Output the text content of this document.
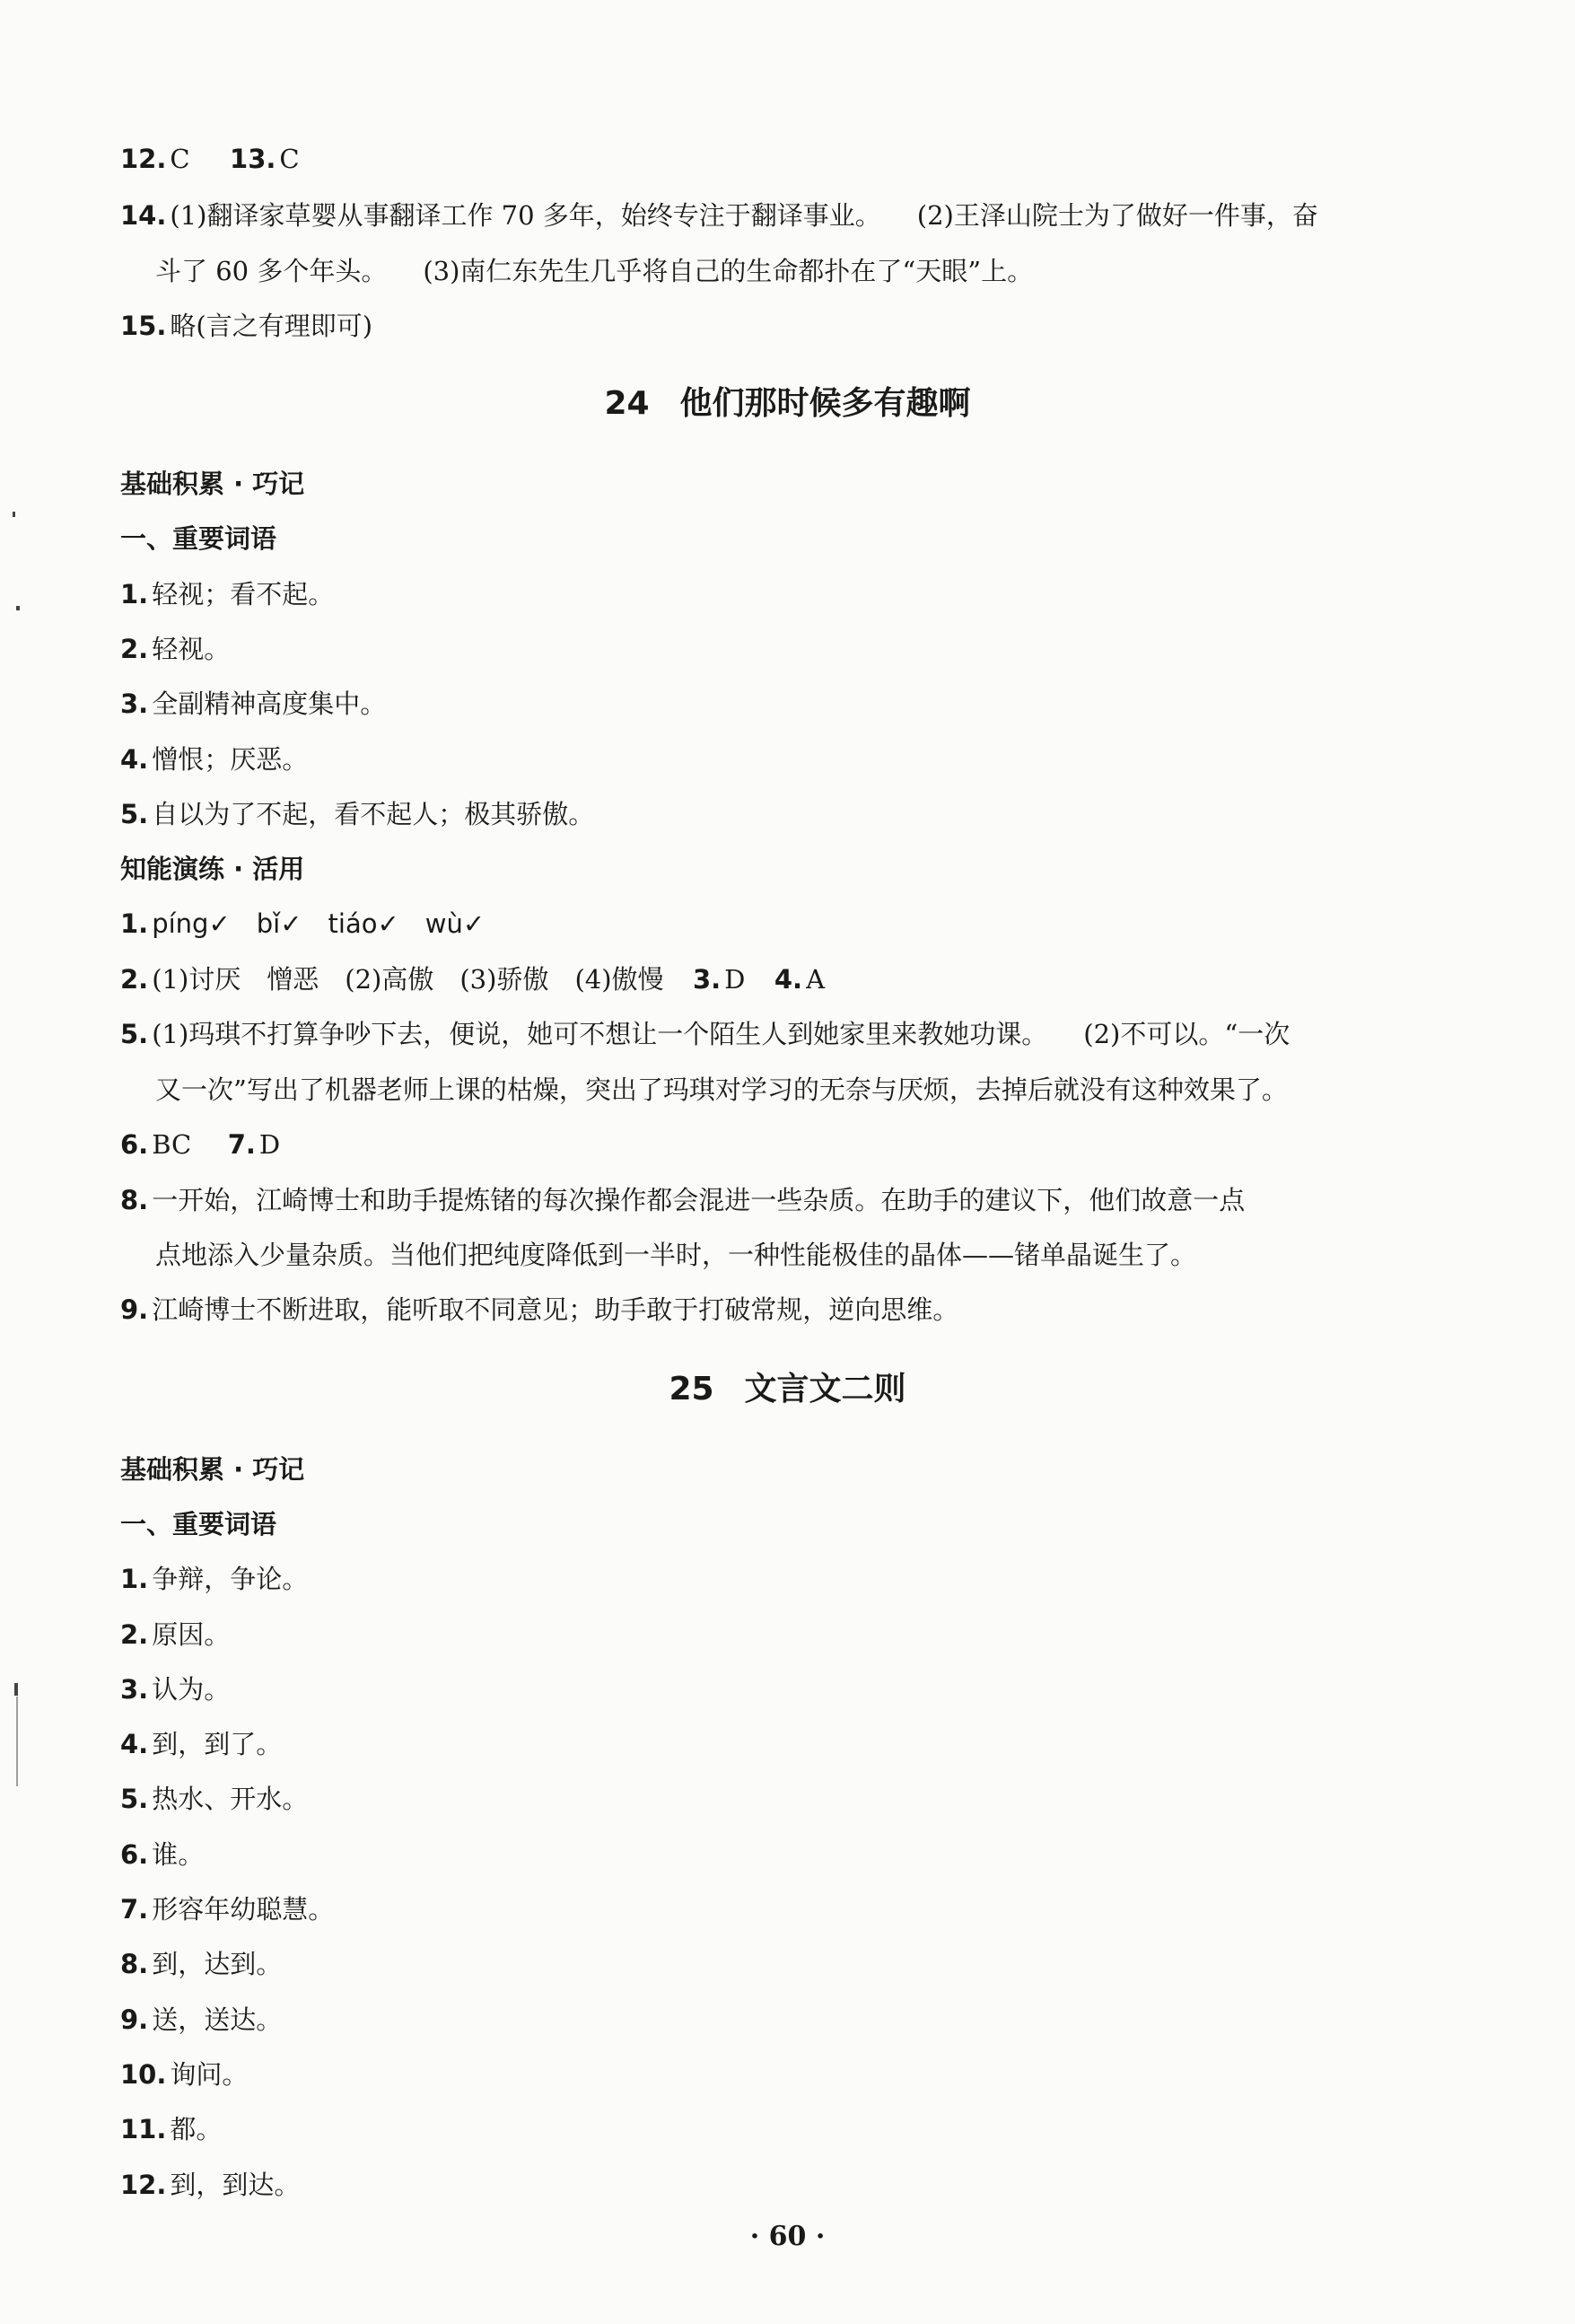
12. C 13. C
14. (1)翻译家草婴从事翻译工作 70 多年，始终专注于翻译事业。 (2)王泽山院士为了做好一件事，奋
斗了 60 多个年头。 (3)南仁东先生几乎将自己的生命都扑在了“天眼”上。
15. 略(言之有理即可)
24 他们那时候多有趣啊
基础积累 · 巧记
一、重要词语
1. 轻视；看不起。
2. 轻视。
3. 全副精神高度集中。
4. 憎恨；厌恶。
5. 自以为了不起，看不起人；极其骄傲。
知能演练 · 活用
1. píng✓　bǐ✓　tiáo✓　wù✓
2. (1)讨厌　憎恶　(2)高傲　(3)骄傲　(4)傲慢 3. D 4. A
5. (1)玛琪不打算争吵下去，便说，她可不想让一个陌生人到她家里来教她功课。 (2)不可以。“一次
又一次”写出了机器老师上课的枯燥，突出了玛琪对学习的无奈与厌烦，去掉后就没有这种效果了。
6. BC 7. D
8. 一开始，江崎博士和助手提炼锗的每次操作都会混进一些杂质。在助手的建议下，他们故意一点
点地添入少量杂质。当他们把纯度降低到一半时，一种性能极佳的晶体——锗单晶诞生了。
9. 江崎博士不断进取，能听取不同意见；助手敢于打破常规，逆向思维。
25 文言文二则
基础积累 · 巧记
一、重要词语
1. 争辩，争论。
2. 原因。
3. 认为。
4. 到，到了。
5. 热水、开水。
6. 谁。
7. 形容年幼聪慧。
8. 到，达到。
9. 送，送达。
10. 询问。
11. 都。
12. 到，到达。
· 60 ·
